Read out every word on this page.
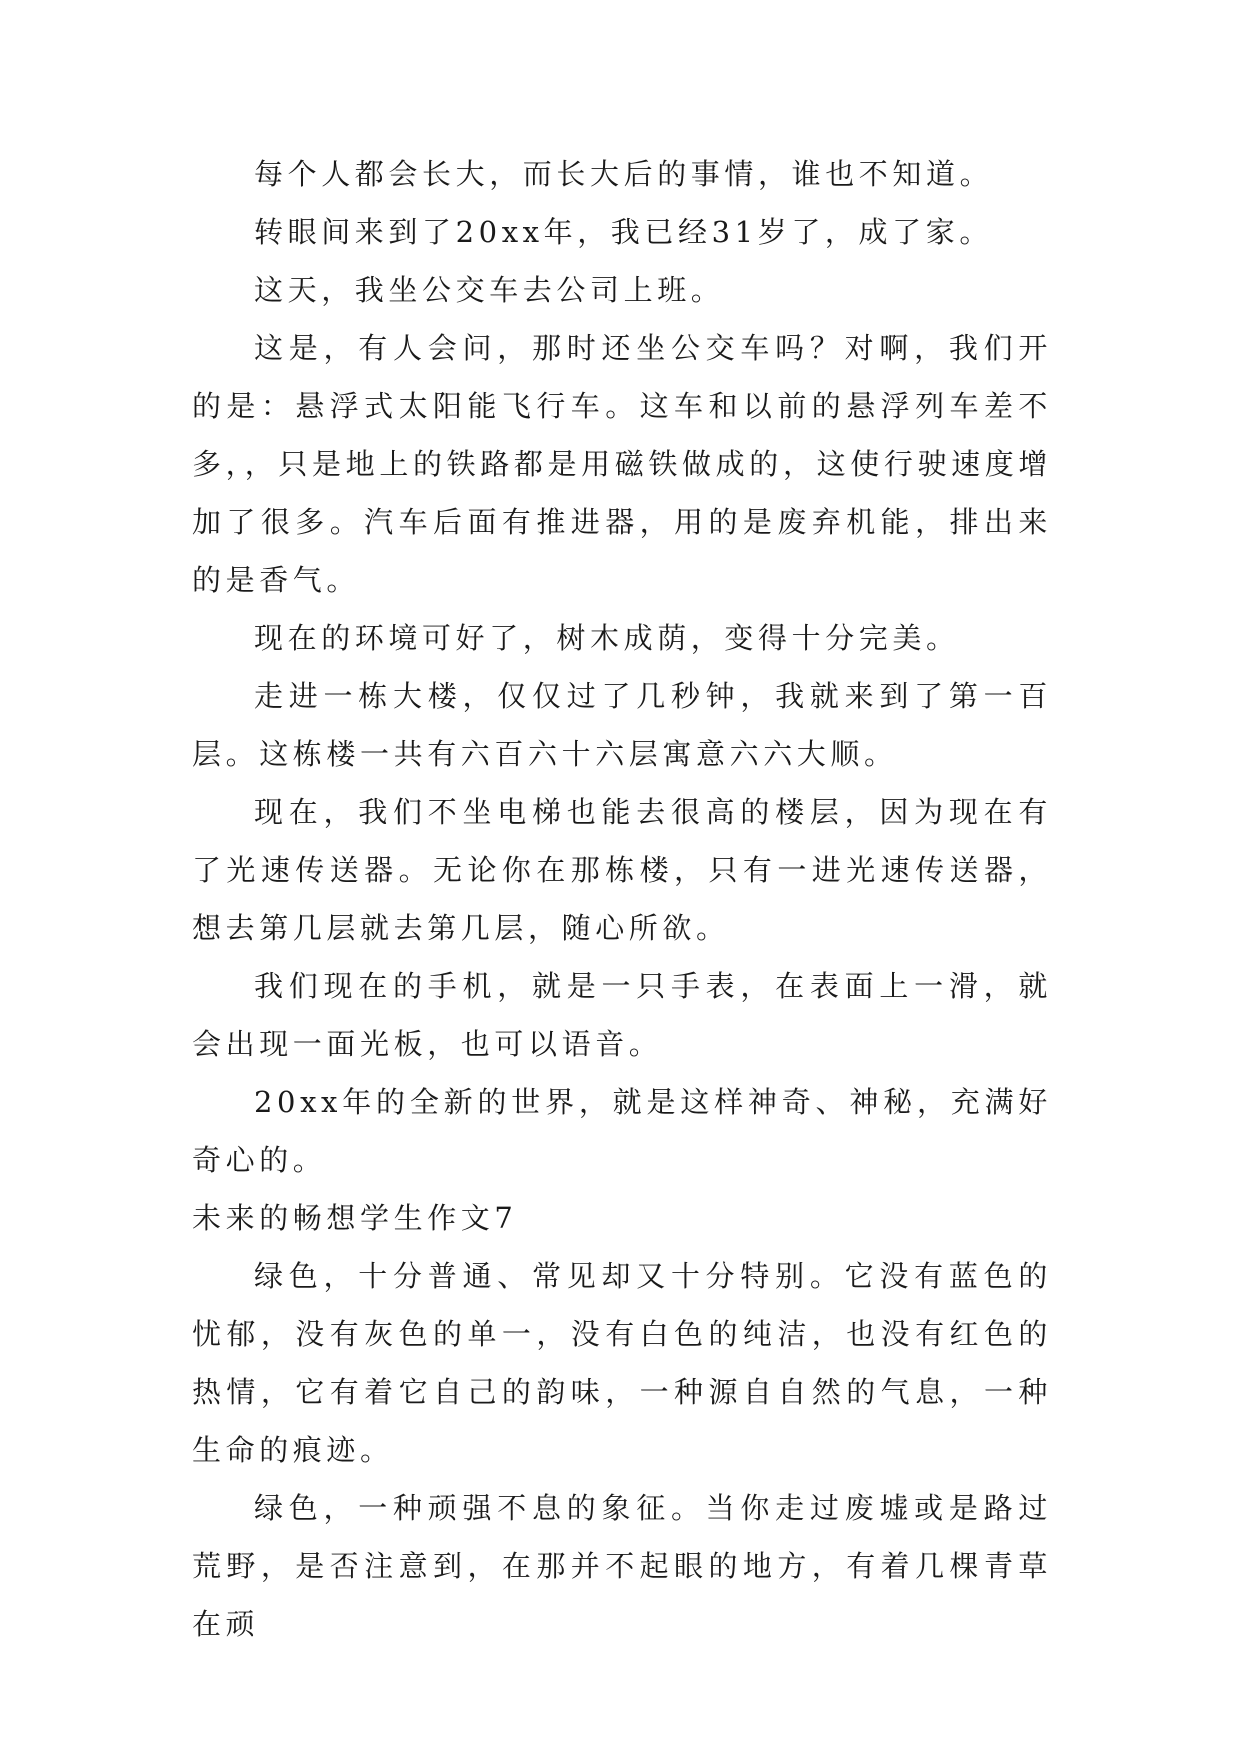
每个人都会长大，而长大后的事情，谁也不知道。

转眼间来到了20xx年，我已经31岁了，成了家。

这天，我坐公交车去公司上班。

这是，有人会问，那时还坐公交车吗？对啊，我们开的是：悬浮式太阳能飞行车。这车和以前的悬浮列车差不多，，只是地上的铁路都是用磁铁做成的，这使行驶速度增加了很多。汽车后面有推进器，用的是废弃机能，排出来的是香气。

现在的环境可好了，树木成荫，变得十分完美。

走进一栋大楼，仅仅过了几秒钟，我就来到了第一百层。这栋楼一共有六百六十六层寓意六六大顺。

现在，我们不坐电梯也能去很高的楼层，因为现在有了光速传送器。无论你在那栋楼，只有一进光速传送器，想去第几层就去第几层，随心所欲。

我们现在的手机，就是一只手表，在表面上一滑，就会出现一面光板，也可以语音。

20xx年的全新的世界，就是这样神奇、神秘，充满好奇心的。

未来的畅想学生作文7

绿色，十分普通、常见却又十分特别。它没有蓝色的忧郁，没有灰色的单一，没有白色的纯洁，也没有红色的热情，它有着它自己的韵味，一种源自自然的气息，一种生命的痕迹。

绿色，一种顽强不息的象征。当你走过废墟或是路过荒野，是否注意到，在那并不起眼的地方，有着几棵青草在顽
